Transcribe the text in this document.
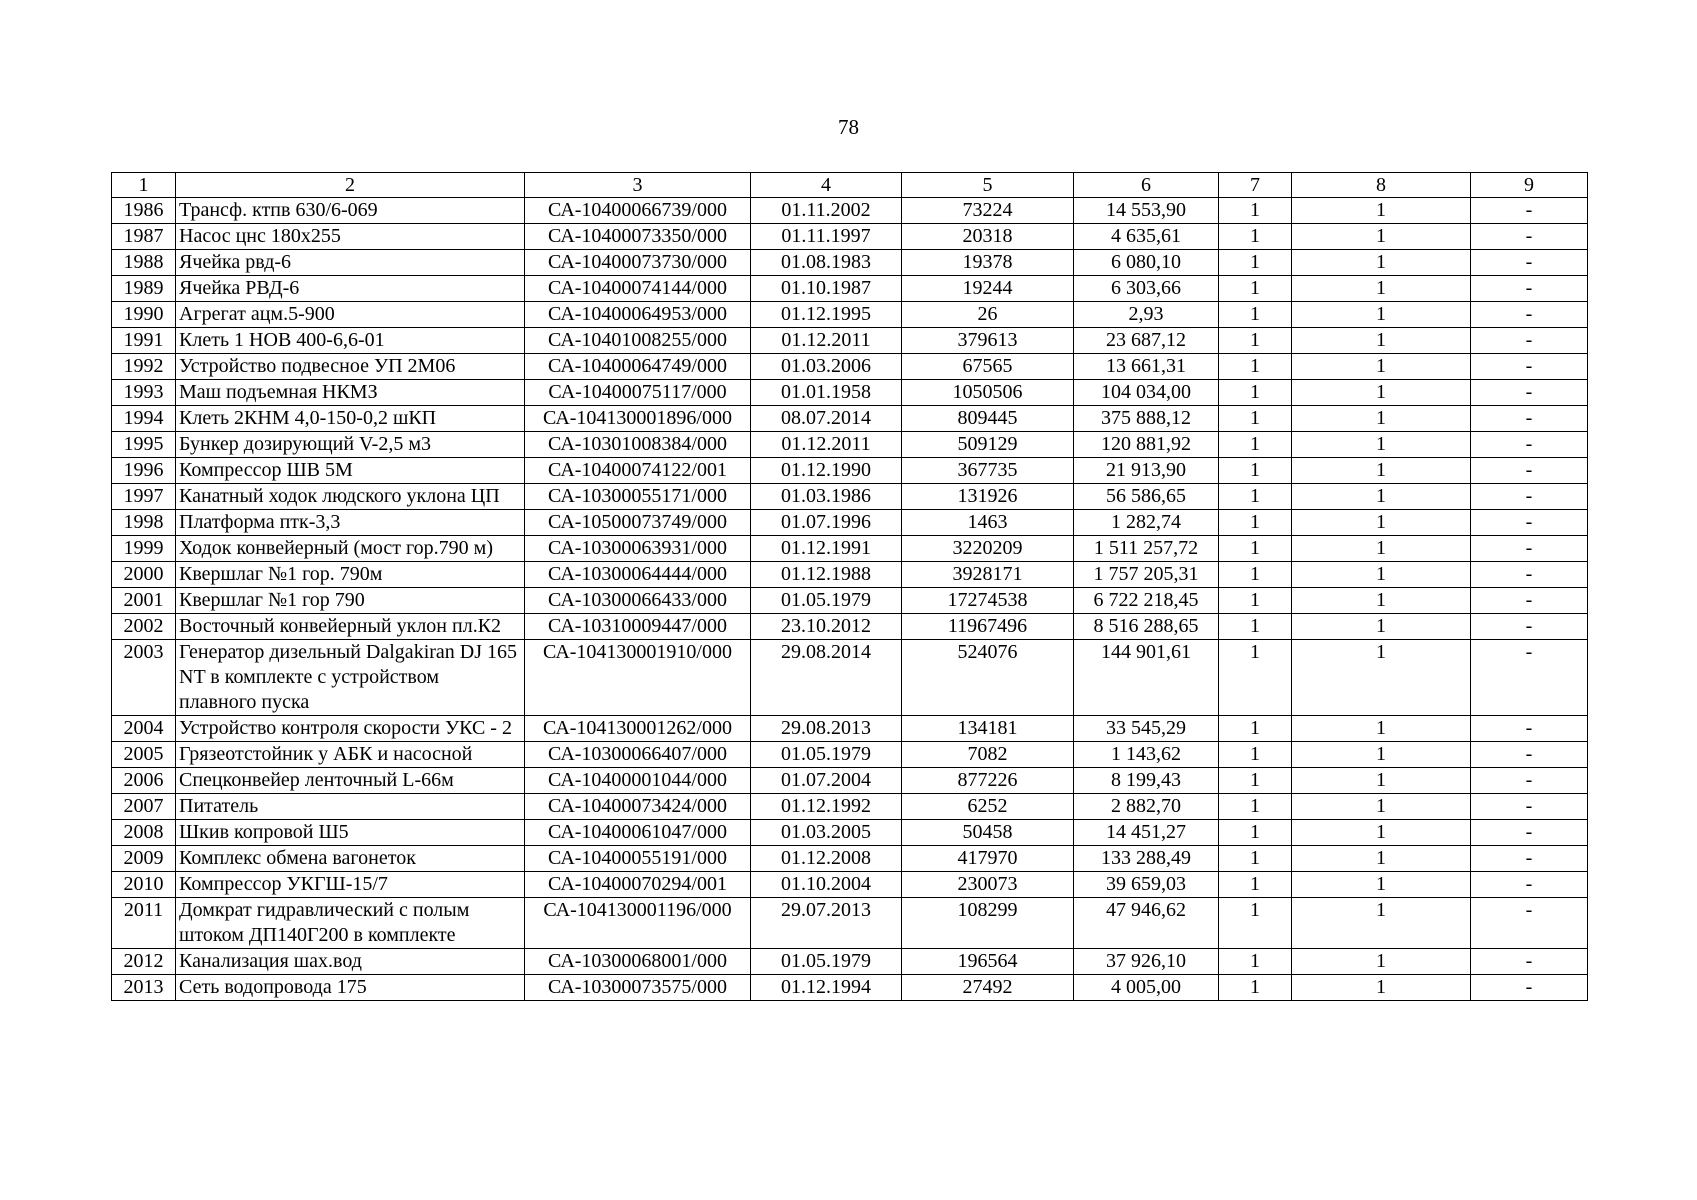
78
1	2	3	4	5	6	7	8	9
1986	Трансф. ктпв 630/6-069	СА-10400066739/000	01.11.2002	73224	14 553,90	1	1	-
1987	Насос цнс 180х255	СА-10400073350/000	01.11.1997	20318	4 635,61	1	1	-
1988	Ячейка рвд-6	СА-10400073730/000	01.08.1983	19378	6 080,10	1	1	-
1989	Ячейка РВД-6	СА-10400074144/000	01.10.1987	19244	6 303,66	1	1	-
1990	Агрегат ацм.5-900	СА-10400064953/000	01.12.1995	26	2,93	1	1	-
1991	Клеть 1 НОВ 400-6,6-01	СА-10401008255/000	01.12.2011	379613	23 687,12	1	1	-
1992	Устройство подвесное УП 2М06	СА-10400064749/000	01.03.2006	67565	13 661,31	1	1	-
1993	Маш подъемная НКМЗ	СА-10400075117/000	01.01.1958	1050506	104 034,00	1	1	-
1994	Клеть 2КНМ 4,0-150-0,2 шКП	СА-104130001896/000	08.07.2014	809445	375 888,12	1	1	-
1995	Бункер дозирующий V-2,5 м3	СА-10301008384/000	01.12.2011	509129	120 881,92	1	1	-
1996	Компрессор ШВ 5М	СА-10400074122/001	01.12.1990	367735	21 913,90	1	1	-
1997	Канатный ходок людского уклона ЦП	СА-10300055171/000	01.03.1986	131926	56 586,65	1	1	-
1998	Платформа птк-3,3	СА-10500073749/000	01.07.1996	1463	1 282,74	1	1	-
1999	Ходок конвейерный (мост гор.790 м)	СА-10300063931/000	01.12.1991	3220209	1 511 257,72	1	1	-
2000	Квершлаг №1 гор. 790м	СА-10300064444/000	01.12.1988	3928171	1 757 205,31	1	1	-
2001	Квершлаг №1 гор 790	СА-10300066433/000	01.05.1979	17274538	6 722 218,45	1	1	-
2002	Восточный конвейерный уклон пл.К2	СА-10310009447/000	23.10.2012	11967496	8 516 288,65	1	1	-
2003	Генератор дизельный Dalgakiran DJ 165 NT в комплекте с устройством плавного пуска	СА-104130001910/000	29.08.2014	524076	144 901,61	1	1	-
2004	Устройство контроля скорости УКС - 2	СА-104130001262/000	29.08.2013	134181	33 545,29	1	1	-
2005	Грязеотстойник у АБК и насосной	СА-10300066407/000	01.05.1979	7082	1 143,62	1	1	-
2006	Спецконвейер ленточный L-66м	СА-10400001044/000	01.07.2004	877226	8 199,43	1	1	-
2007	Питатель	СА-10400073424/000	01.12.1992	6252	2 882,70	1	1	-
2008	Шкив копровой Ш5	СА-10400061047/000	01.03.2005	50458	14 451,27	1	1	-
2009	Комплекс обмена вагонеток	СА-10400055191/000	01.12.2008	417970	133 288,49	1	1	-
2010	Компрессор УКГШ-15/7	СА-10400070294/001	01.10.2004	230073	39 659,03	1	1	-
2011	Домкрат гидравлический с полым штоком ДП140Г200 в комплекте	СА-104130001196/000	29.07.2013	108299	47 946,62	1	1	-
2012	Канализация шах.вод	СА-10300068001/000	01.05.1979	196564	37 926,10	1	1	-
2013	Сеть водопровода 175	СА-10300073575/000	01.12.1994	27492	4 005,00	1	1	-
